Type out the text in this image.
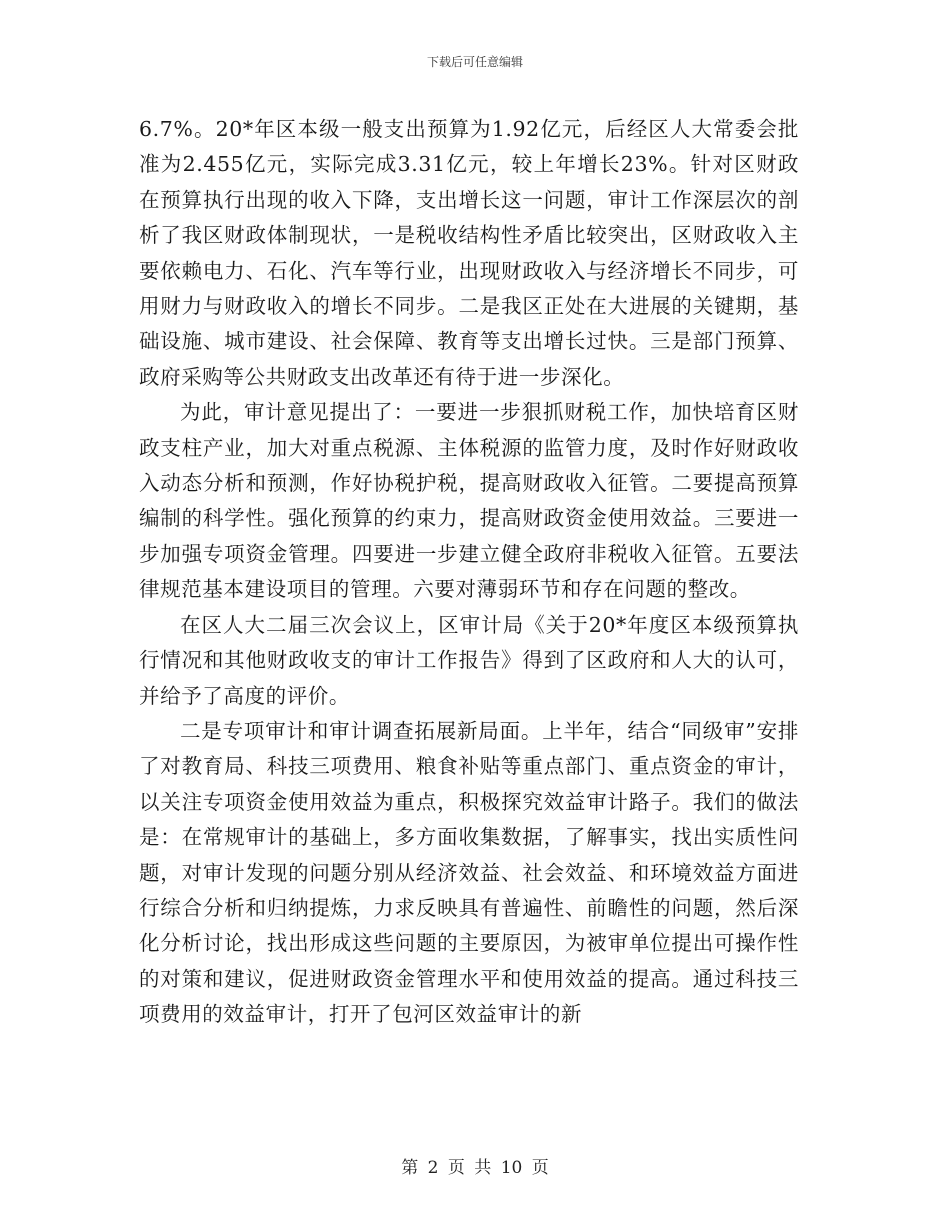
下载后可任意编辑

6.7%。20*年区本级一般支出预算为1.92亿元，后经区人大常委会批准为2.455亿元，实际完成3.31亿元，较上年增长23%。针对区财政在预算执行出现的收入下降，支出增长这一问题，审计工作深层次的剖析了我区财政体制现状，一是税收结构性矛盾比较突出，区财政收入主要依赖电力、石化、汽车等行业，出现财政收入与经济增长不同步，可用财力与财政收入的增长不同步。二是我区正处在大进展的关键期，基础设施、城市建设、社会保障、教育等支出增长过快。三是部门预算、政府采购等公共财政支出改革还有待于进一步深化。

为此，审计意见提出了：一要进一步狠抓财税工作，加快培育区财政支柱产业，加大对重点税源、主体税源的监管力度，及时作好财政收入动态分析和预测，作好协税护税，提高财政收入征管。二要提高预算编制的科学性。强化预算的约束力，提高财政资金使用效益。三要进一步加强专项资金管理。四要进一步建立健全政府非税收入征管。五要法律规范基本建设项目的管理。六要对薄弱环节和存在问题的整改。

在区人大二届三次会议上，区审计局《关于20*年度区本级预算执行情况和其他财政收支的审计工作报告》得到了区政府和人大的认可，并给予了高度的评价。

二是专项审计和审计调查拓展新局面。上半年，结合“同级审”安排了对教育局、科技三项费用、粮食补贴等重点部门、重点资金的审计，以关注专项资金使用效益为重点，积极探究效益审计路子。我们的做法是：在常规审计的基础上，多方面收集数据，了解事实，找出实质性问题，对审计发现的问题分别从经济效益、社会效益、和环境效益方面进行综合分析和归纳提炼，力求反映具有普遍性、前瞻性的问题，然后深化分析讨论，找出形成这些问题的主要原因，为被审单位提出可操作性的对策和建议，促进财政资金管理水平和使用效益的提高。通过科技三项费用的效益审计，打开了包河区效益审计的新

第 2 页 共 10 页
